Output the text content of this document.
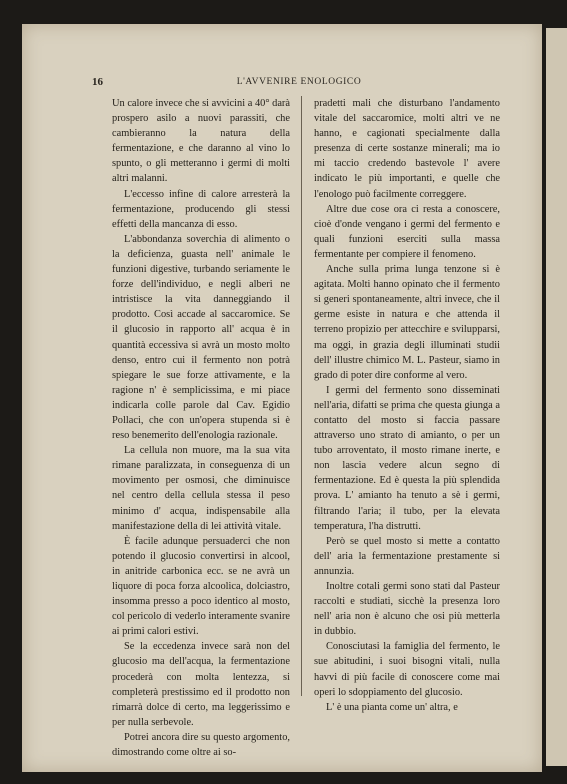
16	L'AVVENIRE ENOLOGICO

Un calore invece che si avvicini a 40° darà prospero asilo a nuovi parassiti, che cambieranno la natura della fermentazione, e che daranno al vino lo spunto, o gli metteranno i germi di molti altri malanni.

L'eccesso infine di calore arresterà la fermentazione, producendo gli stessi effetti della mancanza di esso.

L'abbondanza soverchia di alimento o la deficienza, guasta nell' animale le funzioni digestive, turbando seriamente le forze dell'individuo, e negli alberi ne intristisce la vita danneggiando il prodotto. Così accade al saccaromice. Se il glucosio in rapporto all' acqua è in quantità eccessiva si avrà un mosto molto denso, entro cui il fermento non potrà spiegare le sue forze attivamente, e la ragione n' è semplicissima, e mi piace indicarla colle parole dal Cav. Egidio Pollaci, che con un'opera stupenda si è reso benemerito dell'enologia razionale.

La cellula non muore, ma la sua vita rimane paralizzata, in conseguenza di un movimento per osmosi, che diminuisce nel centro della cellula stessa il peso minimo d' acqua, indispensabile alla manifestazione della di lei attività vitale.

È facile adunque persuaderci che non potendo il glucosio convertirsi in alcool, in anitride carbonica ecc. se ne avrà un liquore di poca forza alcoolica, dolciastro, insomma presso a poco identico al mosto, col pericolo di vederlo interamente svanire ai primi calori estivi.

Se la eccedenza invece sarà non del glucosio ma dell'acqua, la fermentazione procederà con molta lentezza, si completerà prestissimo ed il prodotto non rimarrà dolce di certo, ma leggerissimo e per nulla serbevole.

Potrei ancora dire su questo argomento, dimostrando come oltre ai so-

pradetti mali che disturbano l'andamento vitale del saccaromice, molti altri ve ne hanno, e cagionati specialmente dalla presenza di certe sostanze minerali; ma io mi taccio credendo bastevole l' avere indicato le più importanti, e quelle che l'enologo può facilmente correggere.

Altre due cose ora ci resta a conoscere, cioè d'onde vengano i germi del fermento e quali funzioni eserciti sulla massa fermentante per compiere il fenomeno.

Anche sulla prima lunga tenzone si è agitata. Molti hanno opinato che il fermento si generi spontaneamente, altri invece, che il germe esiste in natura e che attenda il terreno propizio per attecchire e svilupparsi, ma oggi, in grazia degli illuminati studii dell' illustre chimico M. L. Pasteur, siamo in grado di poter dire conforme al vero.

I germi del fermento sono disseminati nell'aria, difatti se prima che questa giunga a contatto del mosto si faccia passare attraverso uno strato di amianto, o per un tubo arroventato, il mosto rimane inerte, e non lascia vedere alcun segno di fermentazione. Ed è questa la più splendida prova. L' amianto ha tenuto a sè i germi, filtrando l'aria; il tubo, per la elevata temperatura, l'ha distrutti.

Però se quel mosto si mette a contatto dell' aria la fermentazione prestamente si annunzia.

Inoltre cotali germi sono stati dal Pasteur raccolti e studiati, sicchè la presenza loro nell' aria non è alcuno che osi più metterla in dubbio.

Conosciutasi la famiglia del fermento, le sue abitudini, i suoi bisogni vitali, nulla havvi di più facile di conoscere come mai operi lo sdoppiamento del glucosio.

L' è una pianta come un' altra, e
